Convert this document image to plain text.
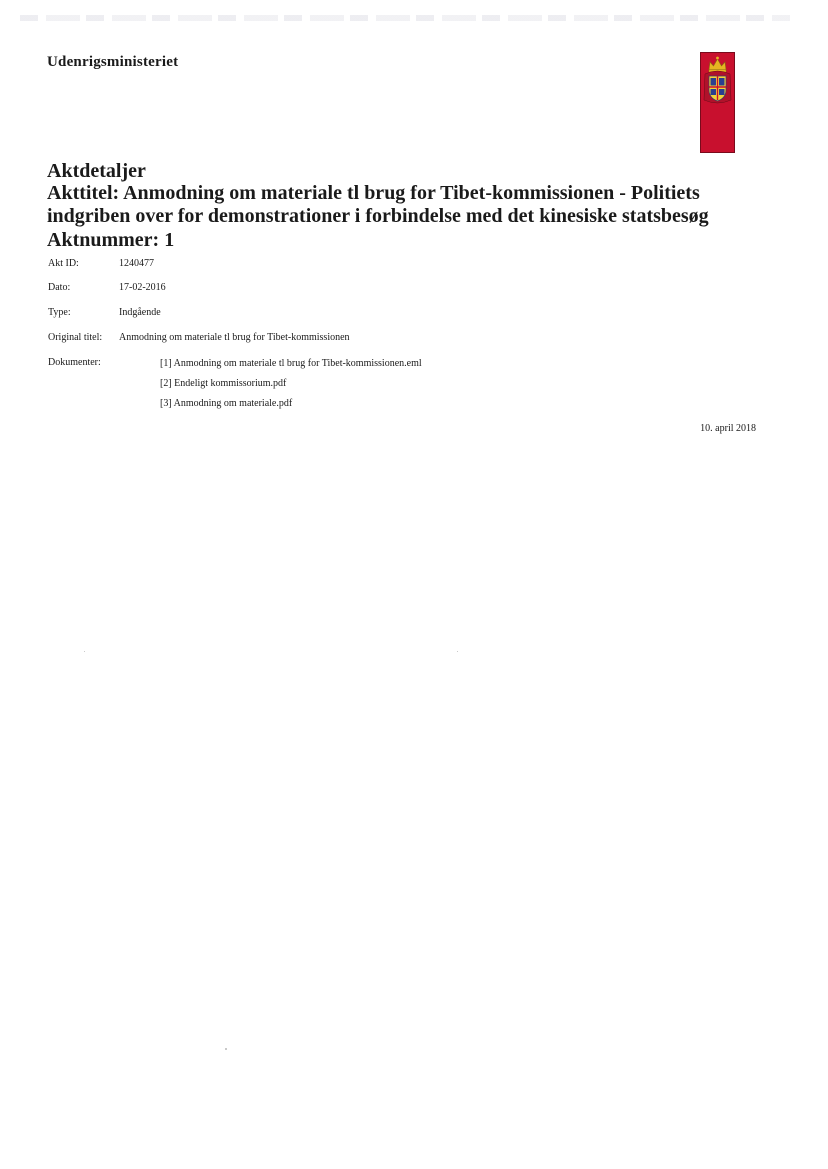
Udenrigsministeriet
Aktdetaljer
Akttitel: Anmodning om materiale tl brug for Tibet-kommissionen - Politiets
indgriben over for demonstrationer i forbindelse med det kinesiske statsbesøg
Aktnummer: 1
Akt ID:	1240477
Dato:	17-02-2016
Type:	Indgående
Original titel: Anmodning om materiale tl brug for Tibet-kommissionen
Dokumenter:	[1] Anmodning om materiale tl brug for Tibet-kommissionen.eml
[2] Endeligt kommissorium.pdf
[3] Anmodning om materiale.pdf
10. april 2018
